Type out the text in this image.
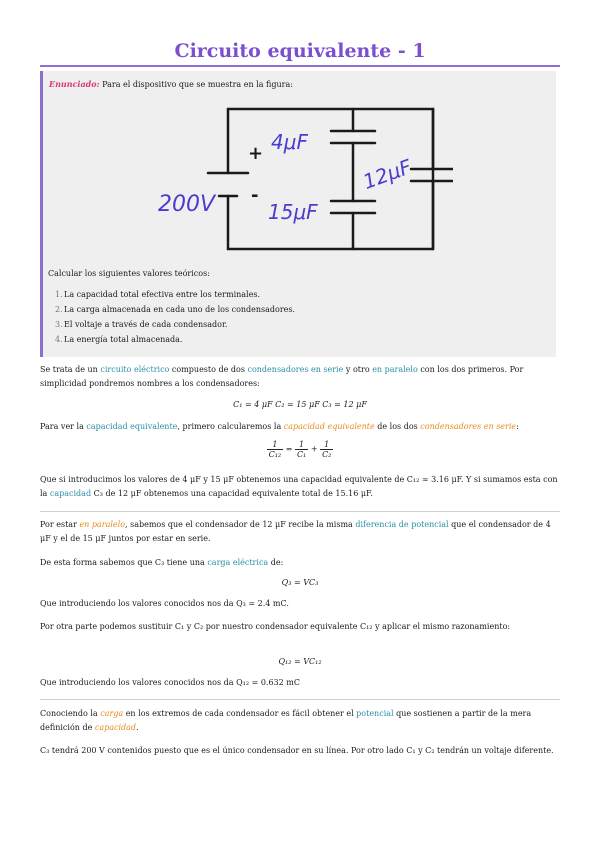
Circuito equivalente - 1
Enunciado: Para el dispositivo que se muestra en la figura:
4μF
15μF
12μF
200V
+
-
Calcular los siguientes valores teóricos:
1. La capacidad total efectiva entre los terminales.
2. La carga almacenada en cada uno de los condensadores.
3. El voltaje a través de cada condensador.
4. La energía total almacenada.

Se trata de un circuito eléctrico compuesto de dos condensadores en serie y otro en paralelo con los dos primeros. Por simplicidad pondremos nombres a los condensadores:

C₁ = 4 μF C₂ = 15 μF C₃ = 12 μF

Para ver la capacidad equivalente, primero calcularemos la capacidad equivalente de los dos condensadores en serie:

$\frac{1}{\text{C₁₂}} = \frac{1}{\text{C₁}} + \frac{1}{\text{C₂}}$

Que si introducimos los valores de 4 μF y 15 μF obtenemos una capacidad equivalente de C₁₂ ≈ 3.16 μF. Y si sumamos esta con la capacidad C₃ de 12 μF obtenemos una capacidad equivalente total de 15.16 μF.

Por estar en paralelo, sabemos que el condensador de 12 μF recibe la misma diferencia de potencial que el condensador de 4 μF y el de 15 μF juntos por estar en serie.

De esta forma sabemos que C₃ tiene una carga eléctrica de:

Q₃ = VC₃

Que introduciendo los valores conocidos nos da Q₃ = 2.4 mC.

Por otra parte podemos sustituir C₁ y C₂ por nuestro condensador equivalente C₁₂ y aplicar el mismo razonamiento:

Q₁₂ = VC₁₂

Que introduciendo los valores conocidos nos da Q₁₂ = 0.632 mC

Conociendo la carga en los extremos de cada condensador es fácil obtener el potencial que sostienen a partir de la mera definición de capacidad.

C₃ tendrá 200 V contenidos puesto que es el único condensador en su línea. Por otro lado C₁ y C₂ tendrán un voltaje diferente.
